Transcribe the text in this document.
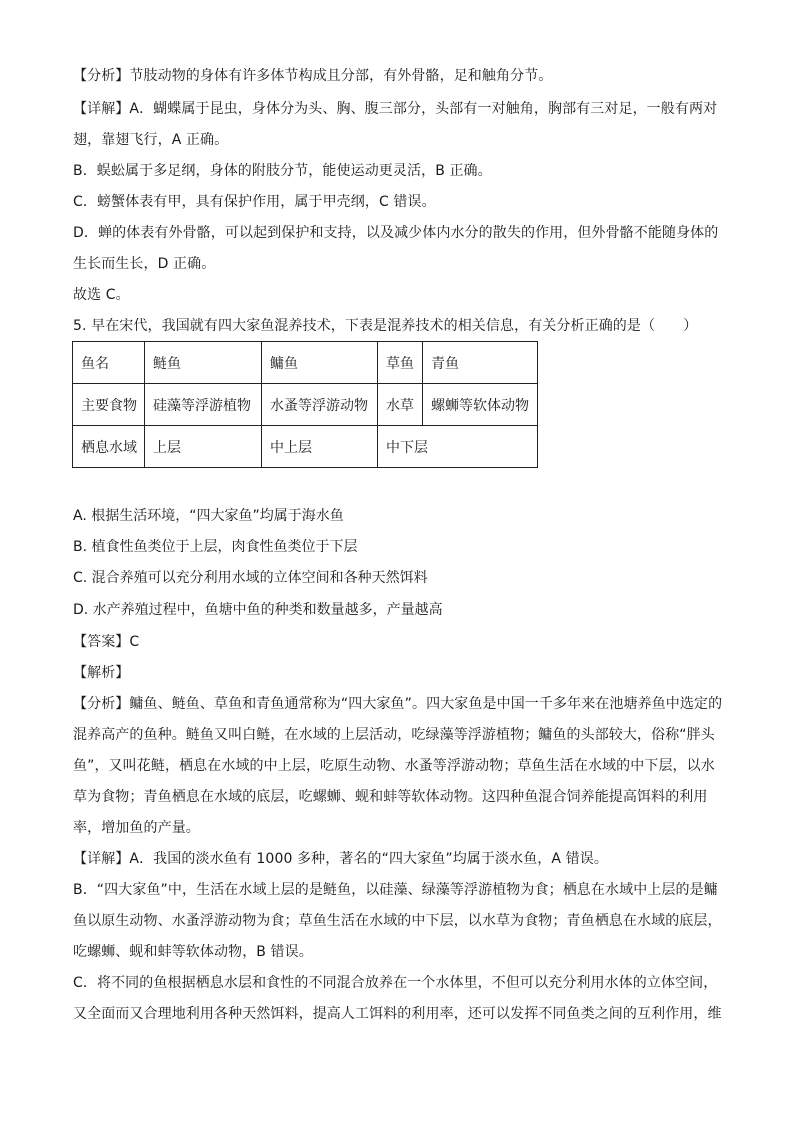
【分析】节肢动物的身体有许多体节构成且分部，有外骨骼，足和触角分节。
【详解】A．蝴蝶属于昆虫，身体分为头、胸、腹三部分，头部有一对触角，胸部有三对足，一般有两对
翅，靠翅飞行，A 正确。
B．蜈蚣属于多足纲，身体的附肢分节，能使运动更灵活，B 正确。
C．螃蟹体表有甲，具有保护作用，属于甲壳纲，C 错误。
D．蝉的体表有外骨骼，可以起到保护和支持，以及减少体内水分的散失的作用，但外骨骼不能随身体的
生长而生长，D 正确。
故选 C。
5. 早在宋代，我国就有四大家鱼混养技术，下表是混养技术的相关信息，有关分析正确的是（　　）
鱼名	鲢鱼	鳙鱼	草鱼	青鱼
主要食物	硅藻等浮游植物	水蚤等浮游动物	水草	螺蛳等软体动物
栖息水域	上层	中上层	中下层	
A. 根据生活环境，“四大家鱼”均属于海水鱼
B. 植食性鱼类位于上层，肉食性鱼类位于下层
C. 混合养殖可以充分利用水域的立体空间和各种天然饵料
D. 水产养殖过程中，鱼塘中鱼的种类和数量越多，产量越高
【答案】C
【解析】
【分析】鳙鱼、鲢鱼、草鱼和青鱼通常称为“四大家鱼”。四大家鱼是中国一千多年来在池塘养鱼中选定的
混养高产的鱼种。鲢鱼又叫白鲢，在水域的上层活动，吃绿藻等浮游植物；鳙鱼的头部较大，俗称“胖头
鱼”，又叫花鲢，栖息在水域的中上层，吃原生动物、水蚤等浮游动物；草鱼生活在水域的中下层，以水
草为食物；青鱼栖息在水域的底层，吃螺蛳、蚬和蚌等软体动物。这四种鱼混合饲养能提高饵料的利用
率，增加鱼的产量。
【详解】A．我国的淡水鱼有 1000 多种，著名的“四大家鱼”均属于淡水鱼，A 错误。
B．“四大家鱼”中，生活在水域上层的是鲢鱼，以硅藻、绿藻等浮游植物为食；栖息在水域中上层的是鳙
鱼以原生动物、水蚤浮游动物为食；草鱼生活在水域的中下层，以水草为食物；青鱼栖息在水域的底层，
吃螺蛳、蚬和蚌等软体动物，B 错误。
C．将不同的鱼根据栖息水层和食性的不同混合放养在一个水体里，不但可以充分利用水体的立体空间，
又全面而又合理地利用各种天然饵料，提高人工饵料的利用率，还可以发挥不同鱼类之间的互利作用，维
